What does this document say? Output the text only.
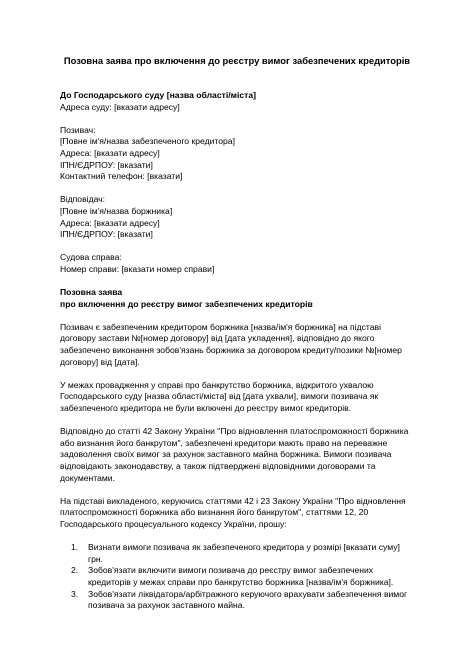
Позовна заява про включення до реєстру вимог забезпечених кредиторів
До Господарського суду [назва області/міста]
Адреса суду: [вказати адресу]
Позивач:
[Повне ім'я/назва забезпеченого кредитора]
Адреса: [вказати адресу]
ІПН/ЄДРПОУ: [вказати]
Контактний телефон: [вказати]
Відповідач:
[Повне ім'я/назва боржника]
Адреса: [вказати адресу]
ІПН/ЄДРПОУ: [вказати]
Судова справа:
Номер справи: [вказати номер справи]
Позовна заява
про включення до реєстру вимог забезпечених кредиторів
Позивач є забезпеченим кредитором боржника [назва/ім'я боржника] на підставі
договору застави №[номер договору] від [дата укладення], відповідно до якого
забезпечено виконання зобов'язань боржника за договором кредиту/позики №[номер
договору] від [дата].
У межах провадження у справі про банкрутство боржника, відкритого ухвалою
Господарського суду [назва області/міста] від [дата ухвали], вимоги позивача як
забезпеченого кредитора не були включені до реєстру вимог кредиторів.
Відповідно до статті 42 Закону України "Про відновлення платоспроможності боржника
або визнання його банкрутом", забезпечені кредитори мають право на переважне
задоволення своїх вимог за рахунок заставного майна боржника. Вимоги позивача
відповідають законодавству, а також підтверджені відповідними договорами та
документами.
На підставі викладеного, керуючись статтями 42 і 23 Закону України "Про відновлення
платоспроможності боржника або визнання його банкрутом", статтями 12, 20
Господарського процесуального кодексу України, прошу:
1. Визнати вимоги позивача як забезпеченого кредитора у розмірі [вказати суму]
грн.
2. Зобов'язати включити вимоги позивача до реєстру вимог забезпечених
кредиторів у межах справи про банкрутство боржника [назва/ім'я боржника].
3. Зобов'язати ліквідатора/арбітражного керуючого врахувати забезпечення вимог
позивача за рахунок заставного майна.
